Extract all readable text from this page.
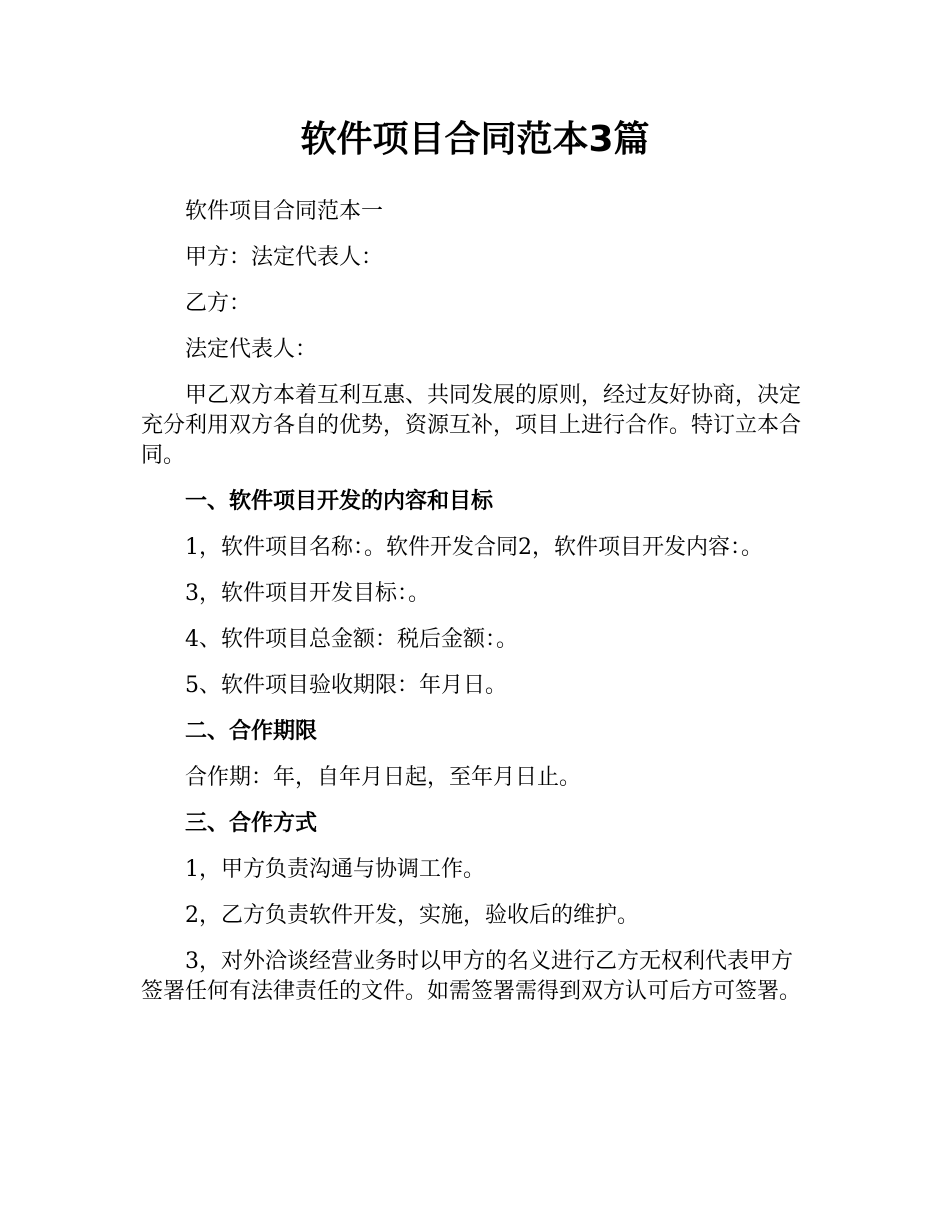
软件项目合同范本3篇

软件项目合同范本一

甲方：法定代表人：

乙方：

法定代表人：

甲乙双方本着互利互惠、共同发展的原则，经过友好协商，决定充分利用双方各自的优势，资源互补，项目上进行合作。特订立本合同。

一、软件项目开发的内容和目标

1，软件项目名称：。软件开发合同2，软件项目开发内容：。

3，软件项目开发目标：。

4、软件项目总金额：税后金额：。

5、软件项目验收期限：年月日。

二、合作期限

合作期：年，自年月日起，至年月日止。

三、合作方式

1，甲方负责沟通与协调工作。

2，乙方负责软件开发，实施，验收后的维护。

3，对外洽谈经营业务时以甲方的名义进行乙方无权利代表甲方签署任何有法律责任的文件。如需签署需得到双方认可后方可签署。
